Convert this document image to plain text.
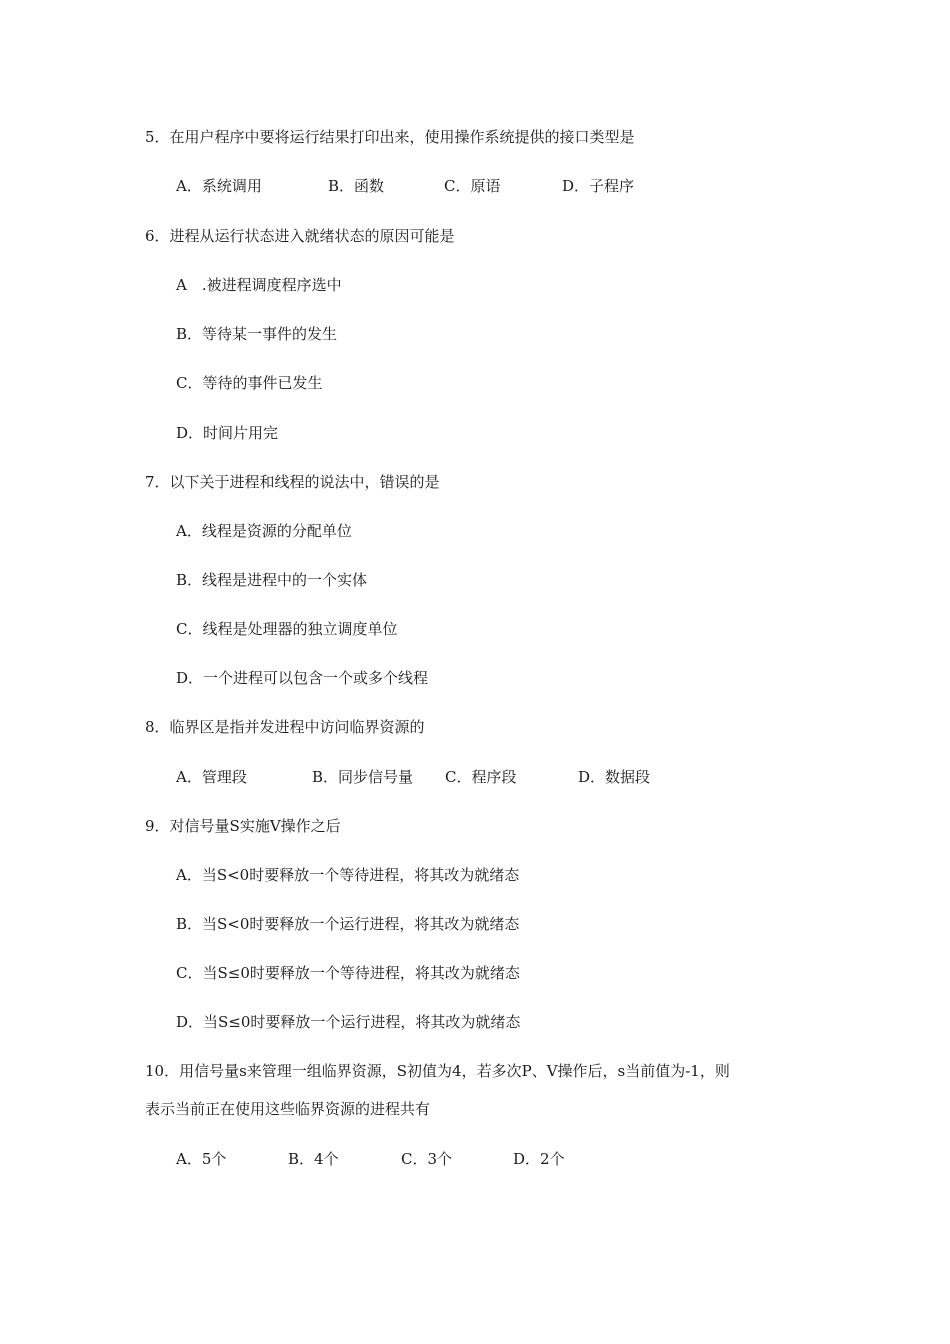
5．在用户程序中要将运行结果打印出来，使用操作系统提供的接口类型是
A．系统调用	B．函数	C．原语	D．子程序
6．进程从运行状态进入就绪状态的原因可能是
A　.被进程调度程序选中
B．等待某一事件的发生
C．等待的事件已发生
D．时间片用完
7．以下关于进程和线程的说法中，错误的是
A．线程是资源的分配单位
B．线程是进程中的一个实体
C．线程是处理器的独立调度单位
D．一个进程可以包含一个或多个线程
8．临界区是指并发进程中访问临界资源的
A．管理段	B．同步信号量 C．程序段	D．数据段
9．对信号量S实施V操作之后
A．当S<0时要释放一个等待进程，将其改为就绪态
B．当S<0时要释放一个运行进程，将其改为就绪态
C．当S≤0时要释放一个等待进程，将其改为就绪态
D．当S≤0时要释放一个运行进程，将其改为就绪态
10．用信号量s来管理一组临界资源，S初值为4，若多次P、V操作后，s当前值为-1，则
表示当前正在使用这些临界资源的进程共有
A．5个	B．4个	C．3个	D．2个
